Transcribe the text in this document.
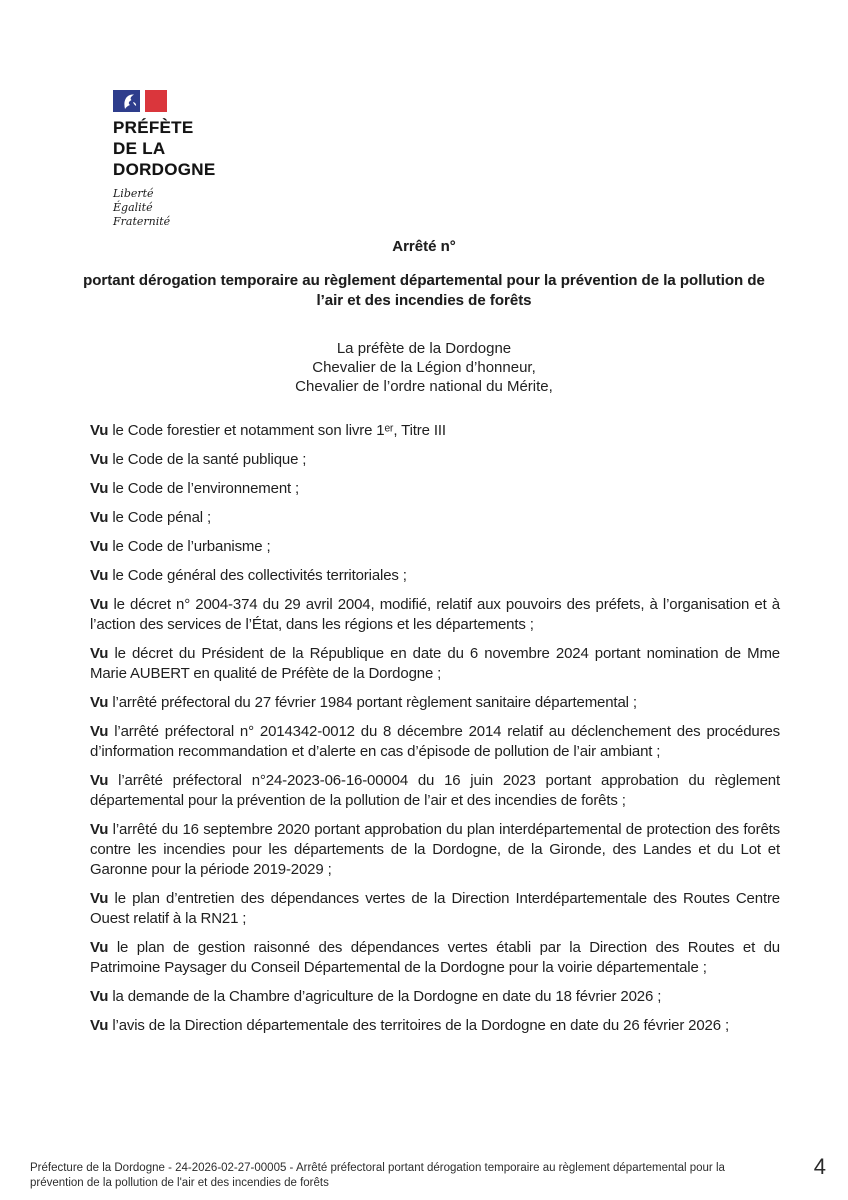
PRÉFÈTE
DE LA
DORDOGNE
Liberté
Égalité
Fraternité
Arrêté n°
portant dérogation temporaire au règlement départemental pour la prévention de la pollution de l’air et des incendies de forêts
La préfète de la Dordogne
Chevalier de la Légion d’honneur,
Chevalier de l’ordre national du Mérite,

Vu le Code forestier et notamment son livre 1ᵉʳ, Titre III

Vu le Code de la santé publique ;

Vu le Code de l’environnement ;

Vu le Code pénal ;

Vu le Code de l’urbanisme ;

Vu le Code général des collectivités territoriales ;

Vu le décret n° 2004-374 du 29 avril 2004, modifié, relatif aux pouvoirs des préfets, à l’organisation et à l’action des services de l’État, dans les régions et les départements ;

Vu le décret du Président de la République en date du 6 novembre 2024 portant nomination de Mme Marie AUBERT en qualité de Préfète de la Dordogne ;

Vu l’arrêté préfectoral du 27 février 1984 portant règlement sanitaire départemental ;

Vu l’arrêté préfectoral n° 2014342-0012 du 8 décembre 2014 relatif au déclenchement des procédures d’information recommandation et d’alerte en cas d’épisode de pollution de l’air ambiant ;

Vu l’arrêté préfectoral n°24-2023-06-16-00004 du 16 juin 2023 portant approbation du règlement départemental pour la prévention de la pollution de l’air et des incendies de forêts ;

Vu l’arrêté du 16 septembre 2020 portant approbation du plan interdépartemental de protection des forêts contre les incendies pour les départements de la Dordogne, de la Gironde, des Landes et du Lot et Garonne pour la période 2019-2029 ;

Vu le plan d’entretien des dépendances vertes de la Direction Interdépartementale des Routes Centre Ouest relatif à la RN21 ;

Vu le plan de gestion raisonné des dépendances vertes établi par la Direction des Routes et du Patrimoine Paysager du Conseil Départemental de la Dordogne pour la voirie départementale ;

Vu la demande de la Chambre d’agriculture de la Dordogne en date du 18 février 2026 ;

Vu l’avis de la Direction départementale des territoires de la Dordogne en date du 26 février 2026 ;

Préfecture de la Dordogne - 24-2026-02-27-00005 - Arrêté préfectoral portant dérogation temporaire au règlement départemental pour la prévention de la pollution de l'air et des incendies de forêts
4
